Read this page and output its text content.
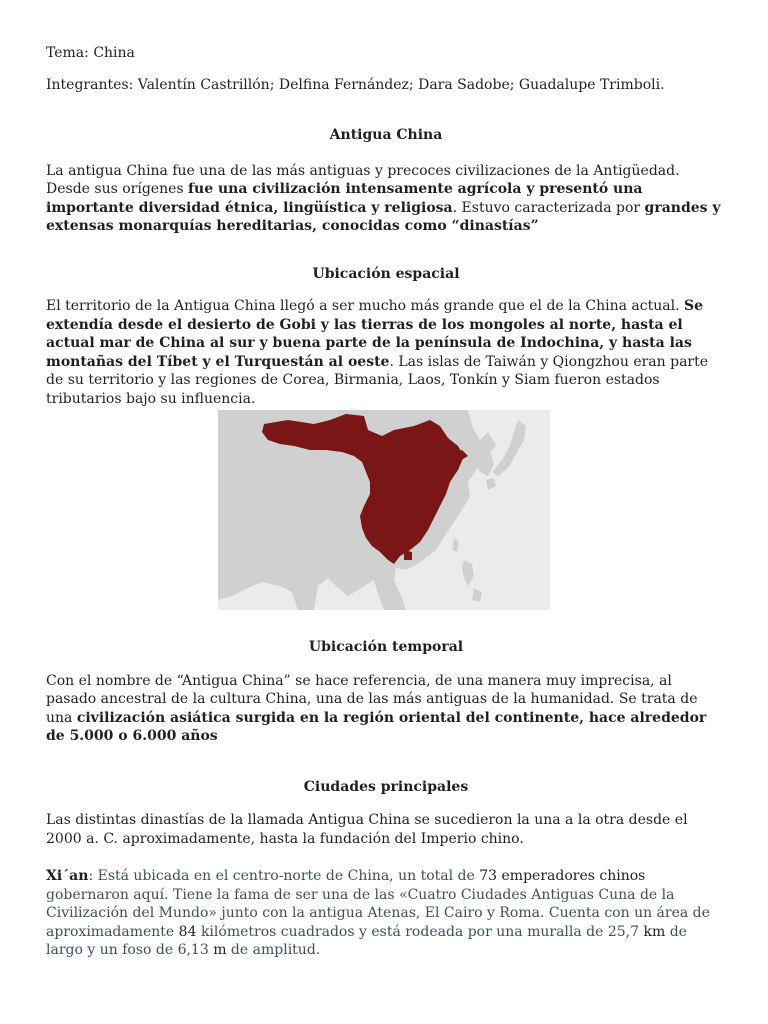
Tema: China

Integrantes: Valentín Castrillón; Delfina Fernández; Dara Sadobe; Guadalupe Trimboli.

Antigua China

La antigua China fue una de las más antiguas y precoces civilizaciones de la Antigüedad. Desde sus orígenes fue una civilización intensamente agrícola y presentó una importante diversidad étnica, lingüística y religiosa. Estuvo caracterizada por grandes y extensas monarquías hereditarias, conocidas como “dinastías”

Ubicación espacial

El territorio de la Antigua China llegó a ser mucho más grande que el de la China actual. Se extendía desde el desierto de Gobi y las tierras de los mongoles al norte, hasta el actual mar de China al sur y buena parte de la península de Indochina, y hasta las montañas del Tíbet y el Turquestán al oeste. Las islas de Taiwán y Qiongzhou eran parte de su territorio y las regiones de Corea, Birmania, Laos, Tonkín y Siam fueron estados tributarios bajo su influencia.

Ubicación temporal

Con el nombre de “Antigua China” se hace referencia, de una manera muy imprecisa, al pasado ancestral de la cultura China, una de las más antiguas de la humanidad. Se trata de una civilización asiática surgida en la región oriental del continente, hace alrededor de 5.000 o 6.000 años

Ciudades principales

Las distintas dinastías de la llamada Antigua China se sucedieron la una a la otra desde el 2000 a. C. aproximadamente, hasta la fundación del Imperio chino.

Xi´an: Está ubicada en el centro-norte de China, un total de 73 emperadores chinos gobernaron aquí. Tiene la fama de ser una de las «Cuatro Ciudades Antiguas Cuna de la Civilización del Mundo» junto con la antigua Atenas, El Cairo y Roma. Cuenta con un área de aproximadamente 84 kilómetros cuadrados y está rodeada por una muralla de 25,7 km de largo y un foso de 6,13 m de amplitud.
